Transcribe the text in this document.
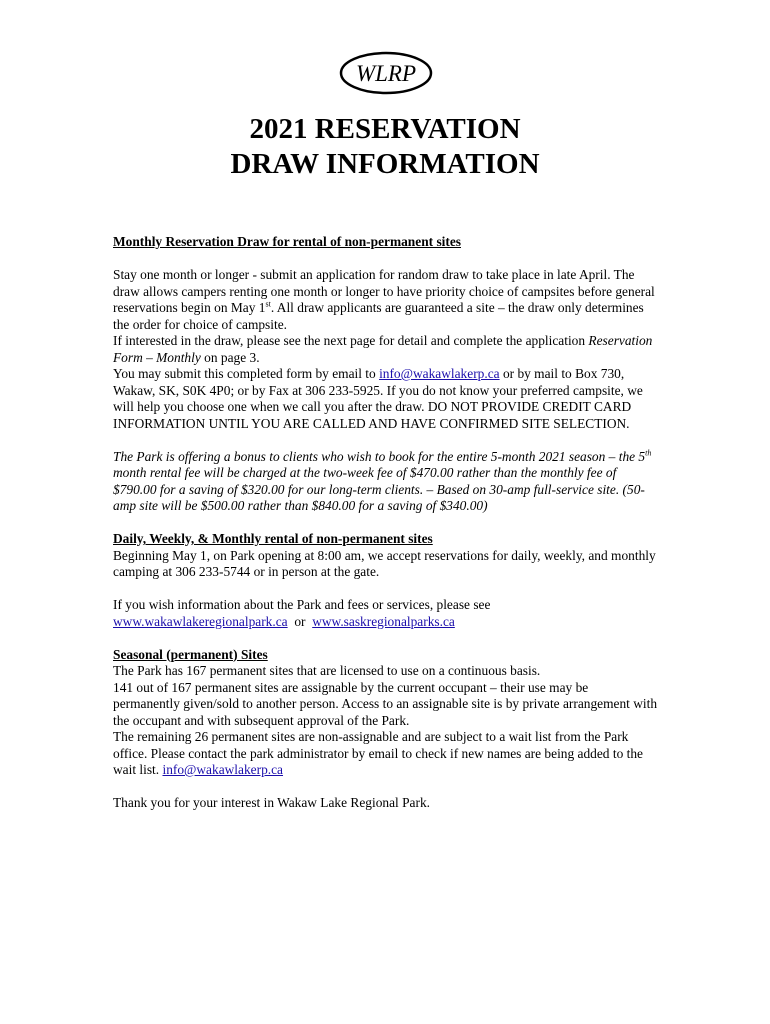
WLRP
2021 RESERVATION
DRAW INFORMATION

Monthly Reservation Draw for rental of non-permanent sites

Stay one month or longer - submit an application for random draw to take place in late April. The draw allows campers renting one month or longer to have priority choice of campsites before general reservations begin on May 1st. All draw applicants are guaranteed a site – the draw only determines the order for choice of campsite.

If interested in the draw, please see the next page for detail and complete the application Reservation Form – Monthly on page 3.

You may submit this completed form by email to info@wakawlakerp.ca or by mail to Box 730, Wakaw, SK, S0K 4P0; or by Fax at 306 233-5925. If you do not know your preferred campsite, we will help you choose one when we call you after the draw. DO NOT PROVIDE CREDIT CARD INFORMATION UNTIL YOU ARE CALLED AND HAVE CONFIRMED SITE SELECTION.

The Park is offering a bonus to clients who wish to book for the entire 5-month 2021 season – the 5th month rental fee will be charged at the two-week fee of $470.00 rather than the monthly fee of $790.00 for a saving of $320.00 for our long-term clients. – Based on 30-amp full-service site. (50-amp site will be $500.00 rather than $840.00 for a saving of $340.00)

Daily, Weekly, & Monthly rental of non-permanent sites

Beginning May 1, on Park opening at 8:00 am, we accept reservations for daily, weekly, and monthly camping at 306 233-5744 or in person at the gate.

If you wish information about the Park and fees or services, please see

www.wakawlakeregionalpark.ca or www.saskregionalparks.ca

Seasonal (permanent) Sites

The Park has 167 permanent sites that are licensed to use on a continuous basis.

141 out of 167 permanent sites are assignable by the current occupant – their use may be permanently given/sold to another person. Access to an assignable site is by private arrangement with the occupant and with subsequent approval of the Park.

The remaining 26 permanent sites are non-assignable and are subject to a wait list from the Park office. Please contact the park administrator by email to check if new names are being added to the wait list. info@wakawlakerp.ca

Thank you for your interest in Wakaw Lake Regional Park.
